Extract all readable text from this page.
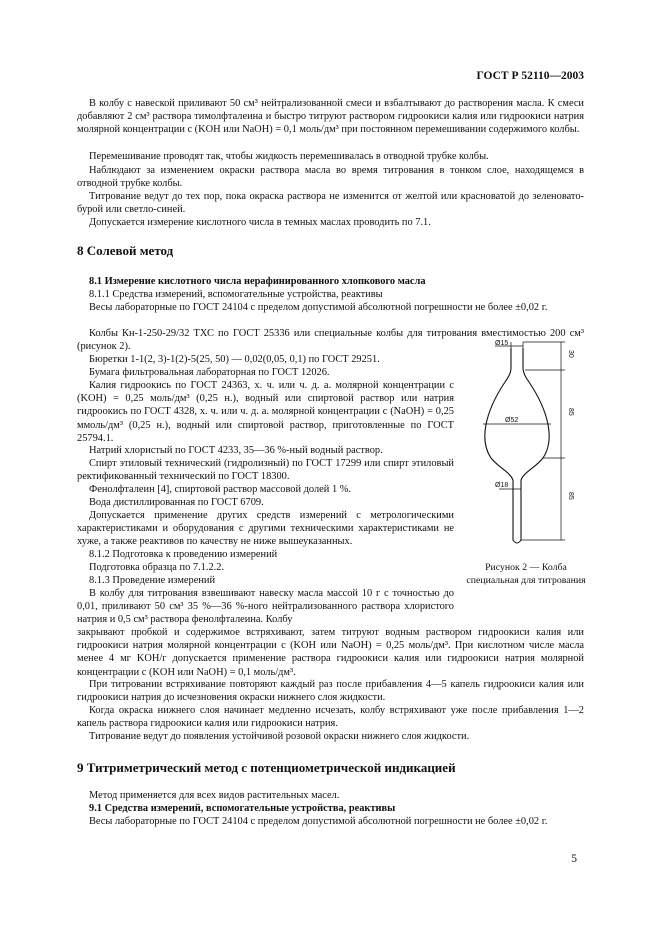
ГОСТ Р 52110—2003

В колбу с навеской приливают 50 см³ нейтрализованной смеси и взбалтывают до растворения масла. К смеси добавляют 2 см³ раствора тимолфталеина и быстро титруют раствором гидроокиси калия или гидроокиси натрия молярной концентрации c (KOH или NaOH) = 0,1 моль/дм³ при постоянном перемешивании содержимого колбы.

Перемешивание проводят так, чтобы жидкость перемешивалась в отводной трубке колбы.

Наблюдают за изменением окраски раствора масла во время титрования в тонком слое, находящемся в отводной трубке колбы.

Титрование ведут до тех пор, пока окраска раствора не изменится от желтой или красноватой до зеленовато-бурой или светло-синей.

Допускается измерение кислотного числа в темных маслах проводить по 7.1.

8 Солевой метод

8.1 Измерение кислотного числа нерафинированного хлопкового масла

8.1.1 Средства измерений, вспомогательные устройства, реактивы

Весы лабораторные по ГОСТ 24104 с пределом допустимой абсолютной погрешности не более ±0,02 г.

Колбы Кн-1-250-29/32 ТХС по ГОСТ 25336 или специальные колбы для титрования вместимостью 200 см³ (рисунок 2).

Бюретки 1-1(2, 3)-1(2)-5(25, 50) — 0,02(0,05, 0,1) по ГОСТ 29251.

Бумага фильтровальная лабораторная по ГОСТ 12026.

Калия гидроокись по ГОСТ 24363, х. ч. или ч. д. а. молярной концентрации c (KOH) = 0,25 моль/дм³ (0,25 н.), водный или спиртовой раствор или натрия гидроокись по ГОСТ 4328, х. ч. или ч. д. а. молярной концентрации c (NaOH) = 0,25 ммоль/дм³ (0,25 н.), водный или спиртовой раствор, приготовленные по ГОСТ 25794.1.

Натрий хлористый по ГОСТ 4233, 35—36 %-ный водный раствор.

Спирт этиловый технический (гидролизный) по ГОСТ 17299 или спирт этиловый ректификованный технический по ГОСТ 18300.

Фенолфталеин [4], спиртовой раствор массовой долей 1 %.

Вода дистиллированная по ГОСТ 6709.

Допускается применение других средств измерений с метрологическими характеристиками и оборудования с другими техническими характеристиками не хуже, а также реактивов по качеству не ниже вышеуказанных.

8.1.2 Подготовка к проведению измерений

Подготовка образца по 7.1.2.2.

8.1.3 Проведение измерений

В колбу для титрования взвешивают навеску масла массой 10 г с точностью до 0,01, приливают 50 см³ 35 %—36 %-ного нейтрализованного раствора хлористого натрия и 0,5 см³ раствора фенолфталеина. Колбу

закрывают пробкой и содержимое встряхивают, затем титруют водным раствором гидроокиси калия или гидроокиси натрия молярной концентрации c (KOH или NaOH) = 0,25 моль/дм³. При кислотном числе масла менее 4 мг KOH/г допускается применение раствора гидроокиси калия или гидроокиси натрия молярной концентрации c (KOH или NaOH) = 0,1 моль/дм³.

При титровании встряхивание повторяют каждый раз после прибавления 4—5 капель гидроокиси калия или гидроокиси натрия до исчезновения окраски нижнего слоя жидкости.

Когда окраска нижнего слоя начинает медленно исчезать, колбу встряхивают уже после прибавления 1—2 капель раствора гидроокиси калия или гидроокиси натрия.

Титрование ведут до появления устойчивой розовой окраски нижнего слоя жидкости.

9 Титриметрический метод с потенциометрической индикацией

Метод применяется для всех видов растительных масел.

9.1 Средства измерений, вспомогательные устройства, реактивы

Весы лабораторные по ГОСТ 24104 с пределом допустимой абсолютной погрешности не более ±0,02 г.

Ø15
Ø52
Ø18
30
85
85
Рисунок 2 — Колба специальная для титрования
5
